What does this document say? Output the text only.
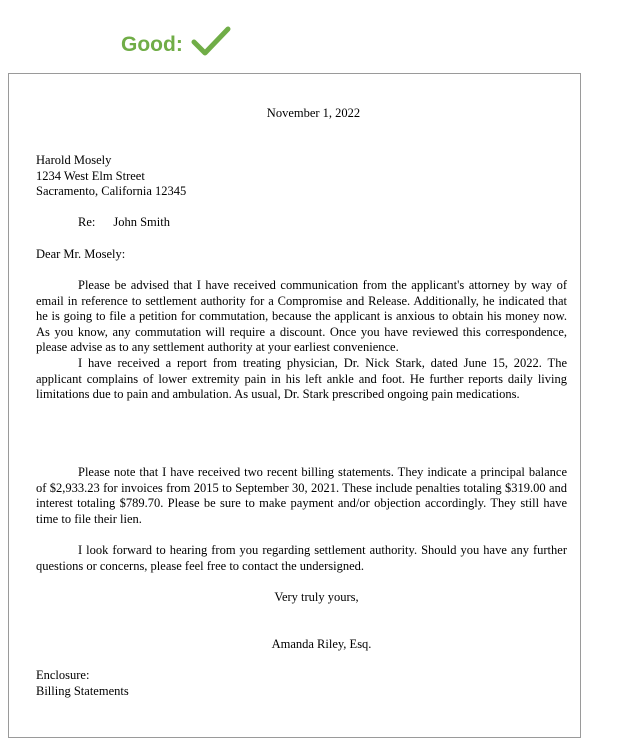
Good:
November 1, 2022
Harold Mosely
1234 West Elm Street
Sacramento, California 12345
Re: John Smith
Dear Mr. Mosely:
Please be advised that I have received communication from the applicant's attorney by way of email in reference to settlement authority for a Compromise and Release. Additionally, he indicated that he is going to file a petition for commutation, because the applicant is anxious to obtain his money now. As you know, any commutation will require a discount. Once you have reviewed this correspondence, please advise as to any settlement authority at your earliest convenience.
I have received a report from treating physician, Dr. Nick Stark, dated June 15, 2022. The applicant complains of lower extremity pain in his left ankle and foot. He further reports daily living limitations due to pain and ambulation. As usual, Dr. Stark prescribed ongoing pain medications.
Please note that I have received two recent billing statements. They indicate a principal balance of $2,933.23 for invoices from 2015 to September 30, 2021. These include penalties totaling $319.00 and interest totaling $789.70. Please be sure to make payment and/or objection accordingly. They still have time to file their lien.
I look forward to hearing from you regarding settlement authority. Should you have any further questions or concerns, please feel free to contact the undersigned.
Very truly yours,
Amanda Riley, Esq.
Enclosure:
Billing Statements
